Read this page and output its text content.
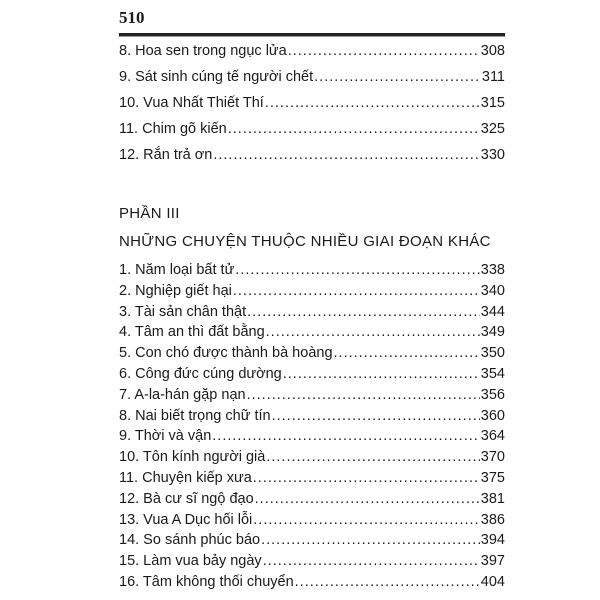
510
8. Hoa sen trong ngục lửa .....	308
9. Sát sinh cúng tế người chết .....	311
10. Vua Nhất Thiết Thí .....	315
11. Chim gõ kiến .....	325
12. Rắn trả ơn .....	330
PHẦN III
NHỮNG CHUYỆN THUỘC NHIỀU GIAI ĐOẠN KHÁC
1. Năm loại bất tử .....	338
2. Nghiệp giết hại .....	340
3. Tài sản chân thật .....	344
4. Tâm an thì đất bằng .....	349
5. Con chó được thành bà hoàng .....	350
6. Công đức cúng dường .....	354
7. A-la-hán gặp nạn .....	356
8. Nai biết trọng chữ tín .....	360
9. Thời và vận .....	364
10. Tôn kính người già .....	370
11. Chuyện kiếp xưa .....	375
12. Bà cư sĩ ngộ đạo .....	381
13. Vua A Dục hối lỗi .....	386
14. So sánh phúc báo .....	394
15. Làm vua bảy ngày .....	397
16. Tâm không thối chuyển .....	404
